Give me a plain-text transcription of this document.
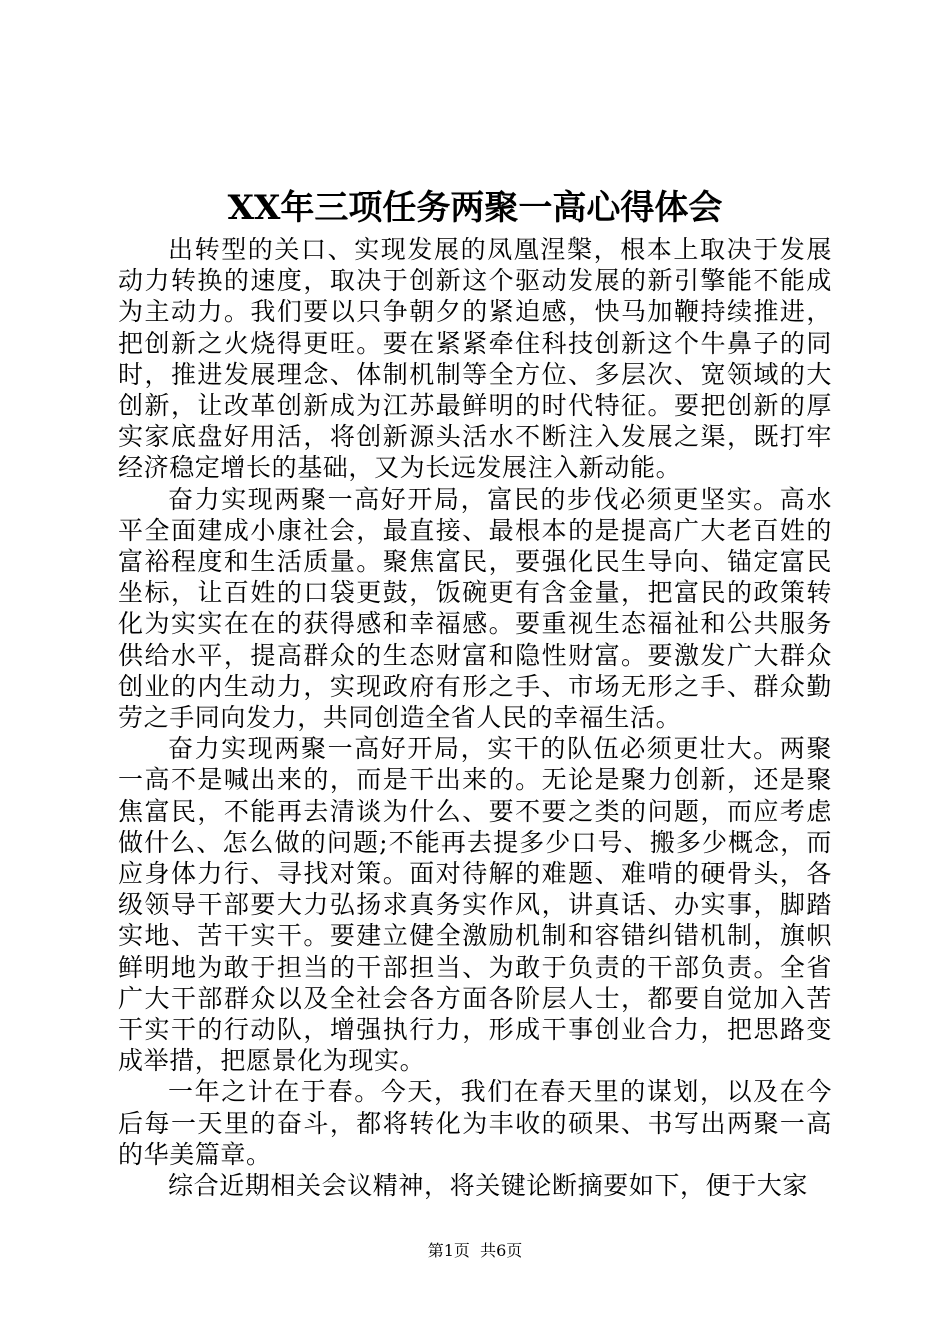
XX年三项任务两聚一高心得体会

出转型的关口、实现发展的凤凰涅槃，根本上取决于发展动力转换的速度，取决于创新这个驱动发展的新引擎能不能成为主动力。我们要以只争朝夕的紧迫感，快马加鞭持续推进，把创新之火烧得更旺。要在紧紧牵住科技创新这个牛鼻子的同时，推进发展理念、体制机制等全方位、多层次、宽领域的大创新，让改革创新成为江苏最鲜明的时代特征。要把创新的厚实家底盘好用活，将创新源头活水不断注入发展之渠，既打牢经济稳定增长的基础，又为长远发展注入新动能。

奋力实现两聚一高好开局，富民的步伐必须更坚实。高水平全面建成小康社会，最直接、最根本的是提高广大老百姓的富裕程度和生活质量。聚焦富民，要强化民生导向、锚定富民坐标，让百姓的口袋更鼓，饭碗更有含金量，把富民的政策转化为实实在在的获得感和幸福感。要重视生态福祉和公共服务供给水平，提高群众的生态财富和隐性财富。要激发广大群众创业的内生动力，实现政府有形之手、市场无形之手、群众勤劳之手同向发力，共同创造全省人民的幸福生活。

奋力实现两聚一高好开局，实干的队伍必须更壮大。两聚一高不是喊出来的，而是干出来的。无论是聚力创新，还是聚焦富民，不能再去清谈为什么、要不要之类的问题，而应考虑做什么、怎么做的问题;不能再去提多少口号、搬多少概念，而应身体力行、寻找对策。面对待解的难题、难啃的硬骨头，各级领导干部要大力弘扬求真务实作风，讲真话、办实事，脚踏实地、苦干实干。要建立健全激励机制和容错纠错机制，旗帜鲜明地为敢于担当的干部担当、为敢于负责的干部负责。全省广大干部群众以及全社会各方面各阶层人士，都要自觉加入苦干实干的行动队，增强执行力，形成干事创业合力，把思路变成举措，把愿景化为现实。

一年之计在于春。今天，我们在春天里的谋划，以及在今后每一天里的奋斗，都将转化为丰收的硕果、书写出两聚一高的华美篇章。

综合近期相关会议精神，将关键论断摘要如下，便于大家

第1页  共6页
